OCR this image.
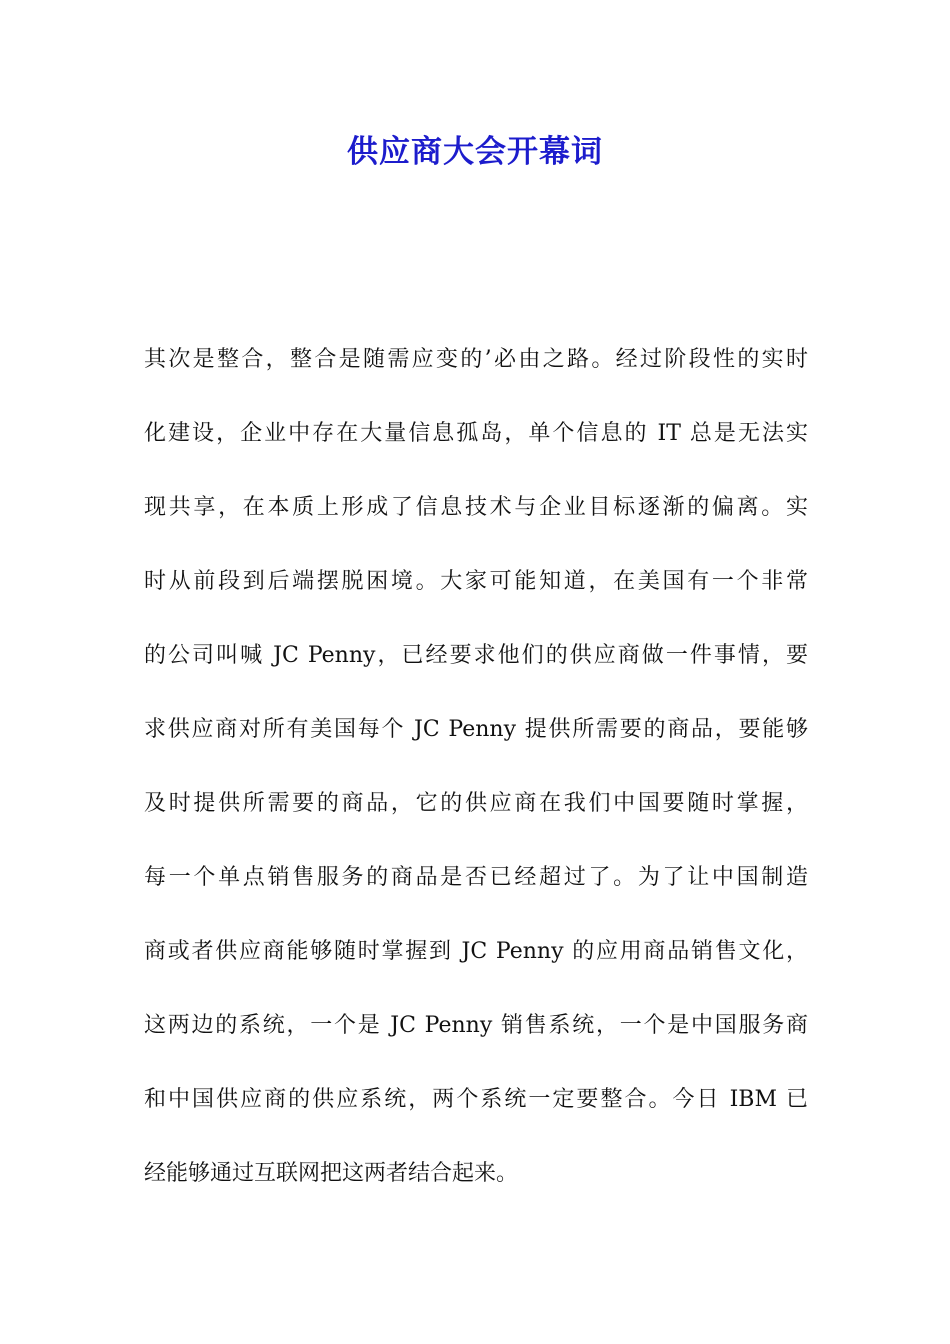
供应商大会开幕词
其次是整合，整合是随需应变的’必由之路。经过阶段性的实时
化建设，企业中存在大量信息孤岛，单个信息的 IT 总是无法实
现共享，在本质上形成了信息技术与企业目标逐渐的偏离。实
时从前段到后端摆脱困境。大家可能知道，在美国有一个非常
的公司叫喊 JC Penny，已经要求他们的供应商做一件事情，要
求供应商对所有美国每个 JC Penny 提供所需要的商品，要能够
及时提供所需要的商品，它的供应商在我们中国要随时掌握，
每一个单点销售服务的商品是否已经超过了。为了让中国制造
商或者供应商能够随时掌握到 JC Penny 的应用商品销售文化，
这两边的系统，一个是 JC Penny 销售系统，一个是中国服务商
和中国供应商的供应系统，两个系统一定要整合。今日 IBM 已
经能够通过互联网把这两者结合起来。
